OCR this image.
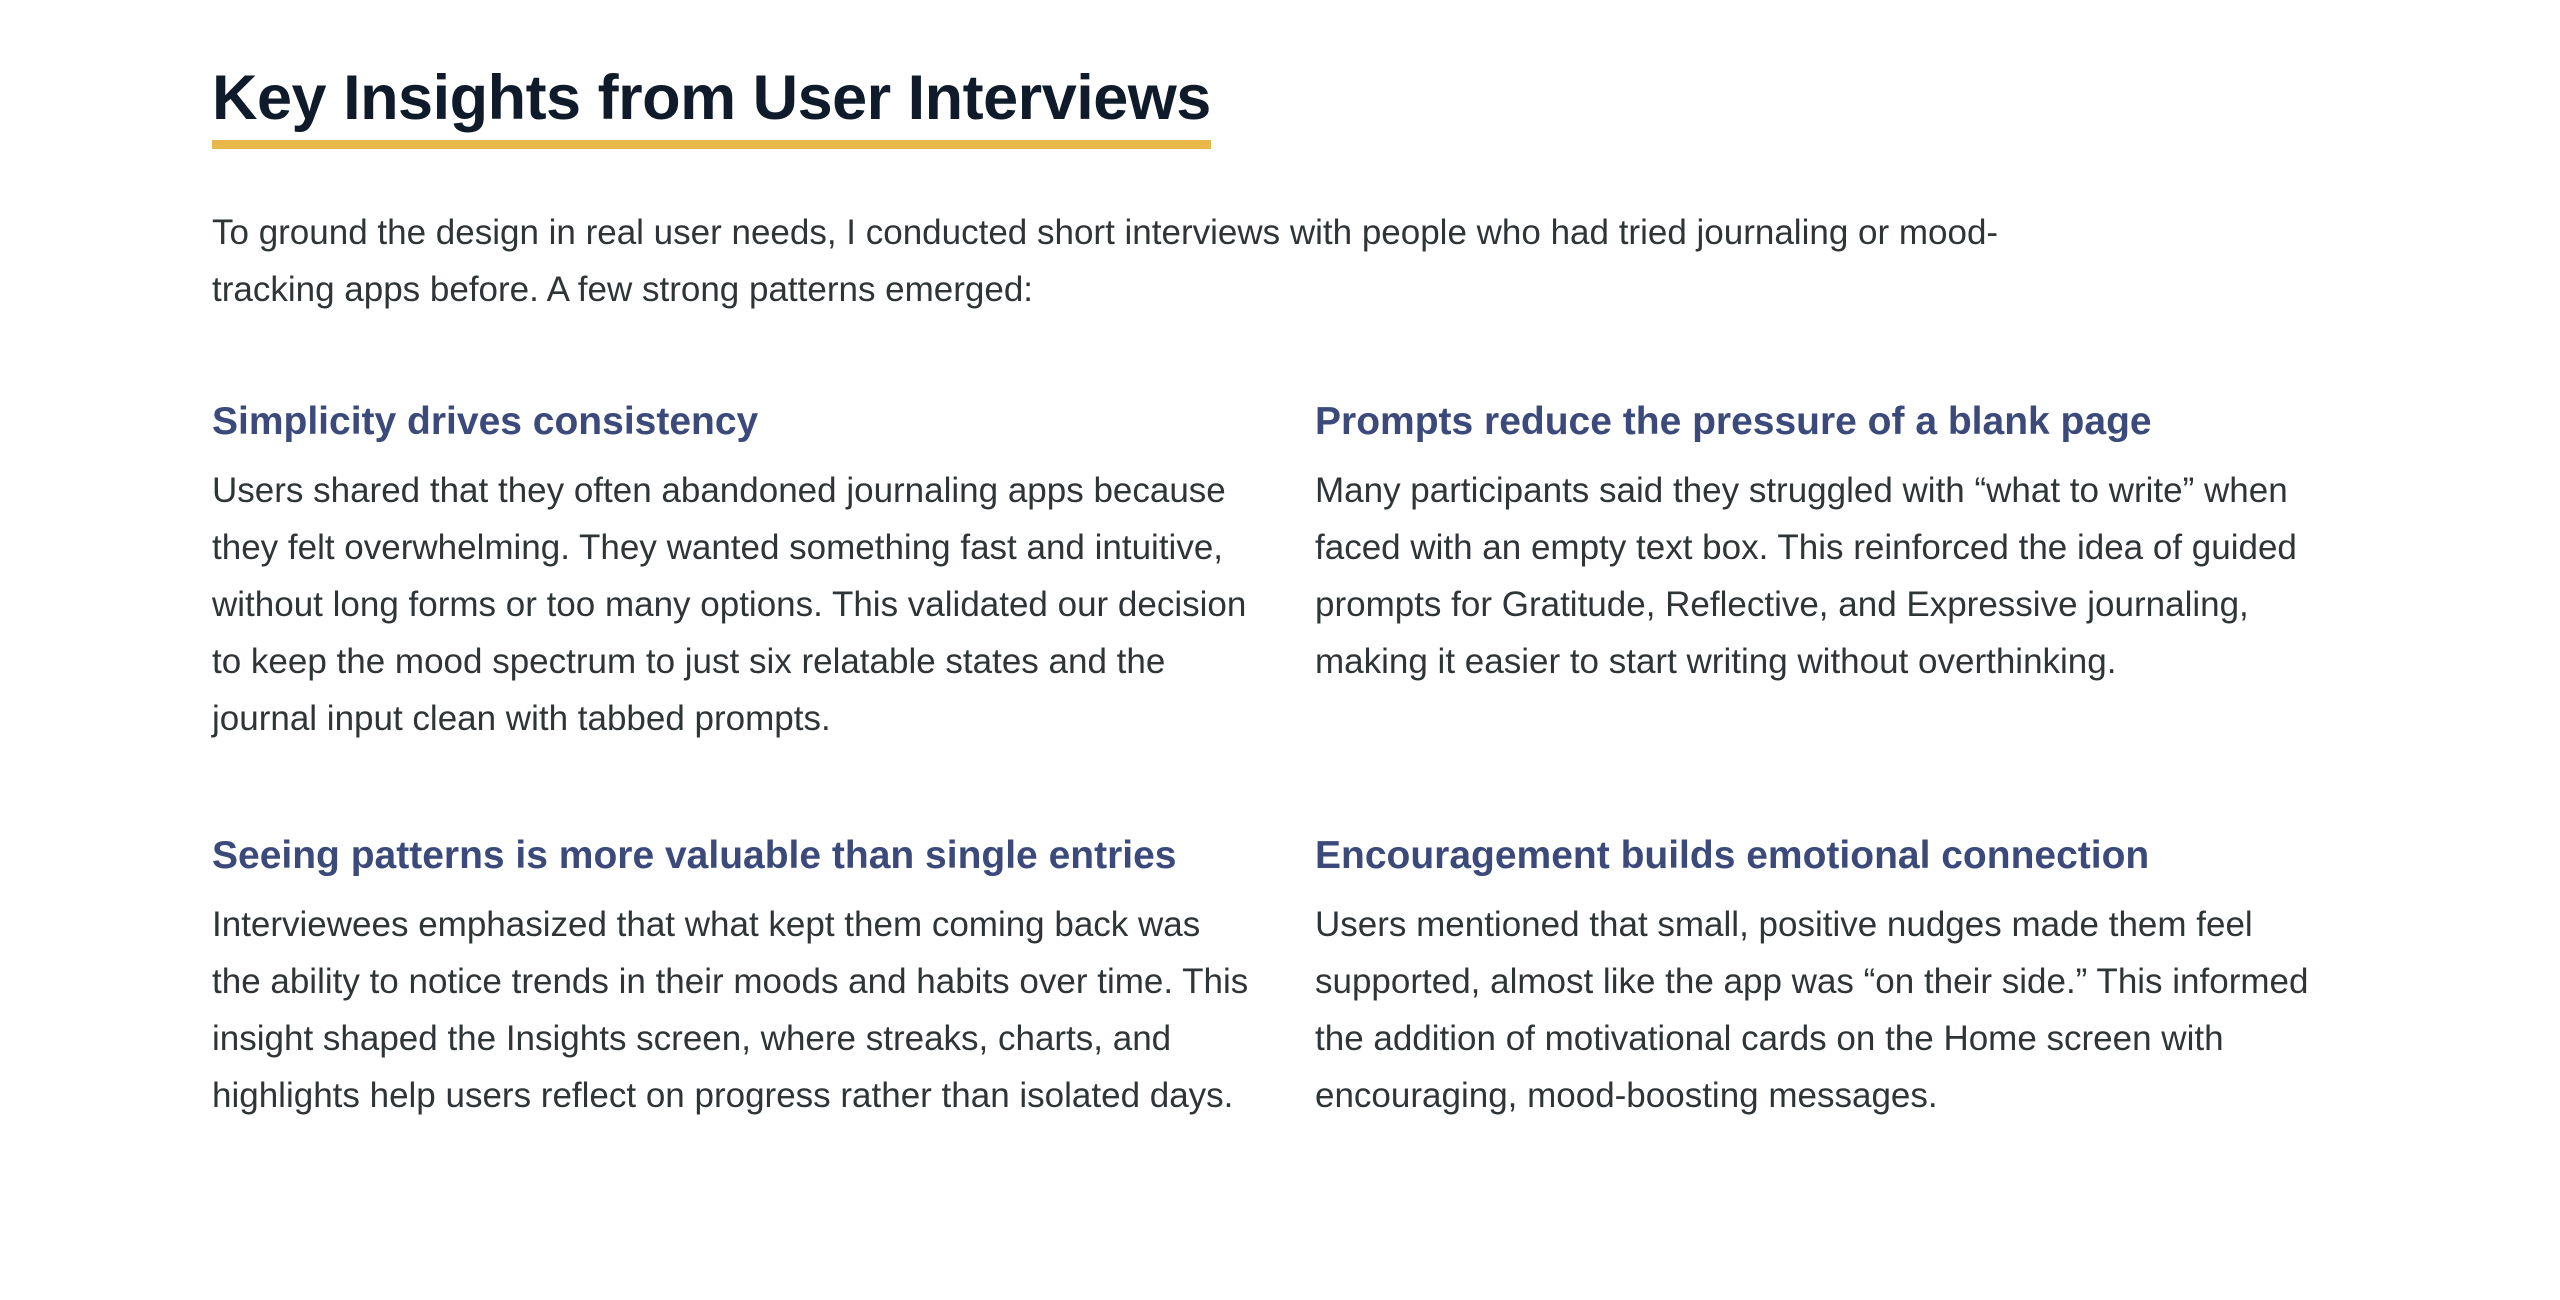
Key Insights from User Interviews

To ground the design in real user needs, I conducted short interviews with people who had tried journaling or mood-tracking apps before. A few strong patterns emerged:

Simplicity drives consistency

Users shared that they often abandoned journaling apps because they felt overwhelming. They wanted something fast and intuitive, without long forms or too many options. This validated our decision to keep the mood spectrum to just six relatable states and the journal input clean with tabbed prompts.

Prompts reduce the pressure of a blank page

Many participants said they struggled with “what to write” when faced with an empty text box. This reinforced the idea of guided prompts for Gratitude, Reflective, and Expressive journaling, making it easier to start writing without overthinking.

Seeing patterns is more valuable than single entries

Interviewees emphasized that what kept them coming back was the ability to notice trends in their moods and habits over time. This insight shaped the Insights screen, where streaks, charts, and highlights help users reflect on progress rather than isolated days.

Encouragement builds emotional connection

Users mentioned that small, positive nudges made them feel supported, almost like the app was “on their side.” This informed the addition of motivational cards on the Home screen with encouraging, mood-boosting messages.
